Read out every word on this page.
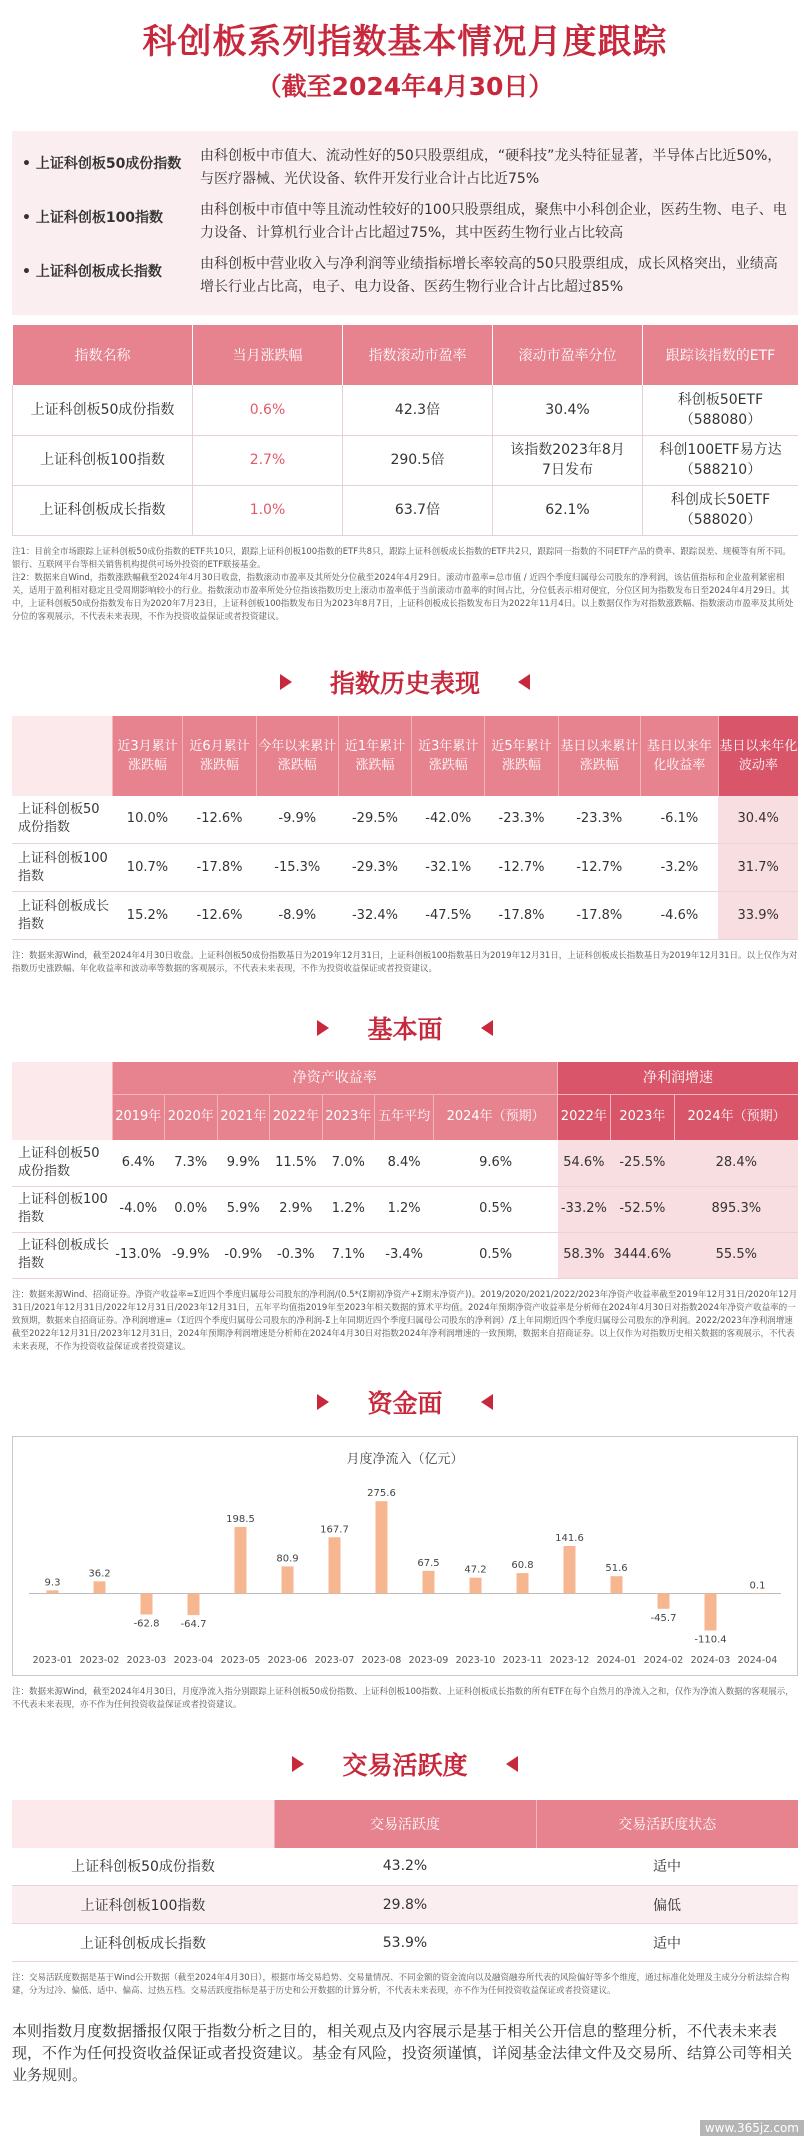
科创板系列指数基本情况月度跟踪
（截至2024年4月30日）
• 上证科创板50成份指数	由科创板中市值大、流动性好的50只股票组成，“硬科技”龙头特征显著，半导体占比近50%，与医疗器械、光伏设备、软件开发行业合计占比近75%
• 上证科创板100指数	由科创板中市值中等且流动性较好的100只股票组成，聚焦中小科创企业，医药生物、电子、电力设备、计算机行业合计占比超过75%，其中医药生物行业占比较高
• 上证科创板成长指数	由科创板中营业收入与净利润等业绩指标增长率较高的50只股票组成，成长风格突出，业绩高增长行业占比高，电子、电力设备、医药生物行业合计占比超过85%
指数名称	当月涨跌幅	指数滚动市盈率	滚动市盈率分位	跟踪该指数的ETF
上证科创板50成份指数	0.6%	42.3倍	30.4%	科创板50ETF
（588080）

上证科创板100指数	2.7%	290.5倍	该指数2023年8月7日发布	科创100ETF易方达
（588210）

上证科创板成长指数	1.0%	63.7倍	62.1%	科创成长50ETF
（588020）
注1：目前全市场跟踪上证科创板50成份指数的ETF共10只，跟踪上证科创板100指数的ETF共8只，跟踪上证科创板成长指数的ETF共2只，跟踪同一指数的不同ETF产品的费率、跟踪误差、规模等有所不同。银行、互联网平台等相关销售机构提供可场外投资的ETF联接基金。
注2：数据来自Wind，指数涨跌幅截至2024年4月30日收盘，指数滚动市盈率及其所处分位截至2024年4月29日。滚动市盈率=总市值 / 近四个季度归属母公司股东的净利润，该估值指标和企业盈利紧密相关，适用于盈利相对稳定且受周期影响较小的行业。指数滚动市盈率所处分位指该指数历史上滚动市盈率低于当前滚动市盈率的时间占比，分位低表示相对便宜，分位区间为指数发布日至2024年4月29日。其中，上证科创板50成份指数发布日为2020年7月23日，上证科创板100指数发布日为2023年8月7日，上证科创板成长指数发布日为2022年11月4日。以上数据仅作为对指数涨跌幅、指数滚动市盈率及其所处分位的客观展示，不代表未来表现，不作为投资收益保证或者投资建议。
指数历史表现
	近3月累计涨跌幅	近6月累计涨跌幅	今年以来累计涨跌幅	近1年累计涨跌幅	近3年累计涨跌幅	近5年累计涨跌幅	基日以来累计涨跌幅	基日以来年化收益率	基日以来年化波动率
上证科创板50成份指数	10.0%	-12.6%	-9.9%	-29.5%	-42.0%	-23.3%	-23.3%	-6.1%	30.4%
上证科创板100指数	10.7%	-17.8%	-15.3%	-29.3%	-32.1%	-12.7%	-12.7%	-3.2%	31.7%
上证科创板成长指数	15.2%	-12.6%	-8.9%	-32.4%	-47.5%	-17.8%	-17.8%	-4.6%	33.9%
注：数据来源Wind，截至2024年4月30日收盘。上证科创板50成份指数基日为2019年12月31日，上证科创板100指数基日为2019年12月31日，上证科创板成长指数基日为2019年12月31日。以上仅作为对指数历史涨跌幅、年化收益率和波动率等数据的客观展示，不代表未来表现，不作为投资收益保证或者投资建议。
基本面
	净资产收益率							净利润增速		
	2019年	2020年	2021年	2022年	2023年	五年平均	2024年（预期）	2022年	2023年	2024年（预期）
上证科创板50成份指数	6.4%	7.3%	9.9%	11.5%	7.0%	8.4%	9.6%	54.6%	-25.5%	28.4%
上证科创板100指数	-4.0%	0.0%	5.9%	2.9%	1.2%	1.2%	0.5%	-33.2%	-52.5%	895.3%
上证科创板成长指数	-13.0%	-9.9%	-0.9%	-0.3%	7.1%	-3.4%	0.5%	58.3%	3444.6%	55.5%
注：数据来源Wind、招商证券。净资产收益率=Σ近四个季度归属母公司股东的净利润/(0.5*(Σ期初净资产+Σ期末净资产))。2019/2020/2021/2022/2023年净资产收益率截至2019年12月31日/2020年12月31日/2021年12月31日/2022年12月31日/2023年12月31日，五年平均值指2019年至2023年相关数据的算术平均值。2024年预期净资产收益率是分析师在2024年4月30日对指数2024年净资产收益率的一致预期，数据来自招商证券。净利润增速=（Σ近四个季度归属母公司股东的净利润-Σ上年同期近四个季度归属母公司股东的净利润）/Σ上年同期近四个季度归属母公司股东的净利润。2022/2023年净利润增速截至2022年12月31日/2023年12月31日，2024年预期净利润增速是分析师在2024年4月30日对指数2024年净利润增速的一致预期，数据来自招商证券。以上仅作为对指数历史相关数据的客观展示，不代表未来表现，不作为投资收益保证或者投资建议。
资金面
月度净流入（亿元）
9.3
2023-01
36.2
2023-02
-62.8
2023-03
-64.7
2023-04
198.5
2023-05
80.9
2023-06
167.7
2023-07
275.6
2023-08
67.5
2023-09
47.2
2023-10
60.8
2023-11
141.6
2023-12
51.6
2024-01
-45.7
2024-02
-110.4
2024-03
0.1
2024-04
注：数据来源Wind，截至2024年4月30日，月度净流入指分别跟踪上证科创板50成份指数、上证科创板100指数、上证科创板成长指数的所有ETF在每个自然月的净流入之和，仅作为净流入数据的客观展示，不代表未来表现，亦不作为任何投资收益保证或者投资建议。
交易活跃度
	交易活跃度	交易活跃度状态
上证科创板50成份指数	43.2%	适中
上证科创板100指数	29.8%	偏低
上证科创板成长指数	53.9%	适中
注：交易活跃度数据是基于Wind公开数据（截至2024年4月30日），根据市场交易趋势、交易量情况、不同金额的资金流向以及融资融券所代表的风险偏好等多个维度，通过标准化处理及主成分分析法综合构建，分为过冷、偏低、适中、偏高、过热五档。交易活跃度指标是基于历史和公开数据的计算分析，不代表未来表现，亦不作为任何投资收益保证或者投资建议。
本则指数月度数据播报仅限于指数分析之目的，相关观点及内容展示是基于相关公开信息的整理分析，不代表未来表现，不作为任何投资收益保证或者投资建议。基金有风险，投资须谨慎，详阅基金法律文件及交易所、结算公司等相关业务规则。
www.365jz.com
